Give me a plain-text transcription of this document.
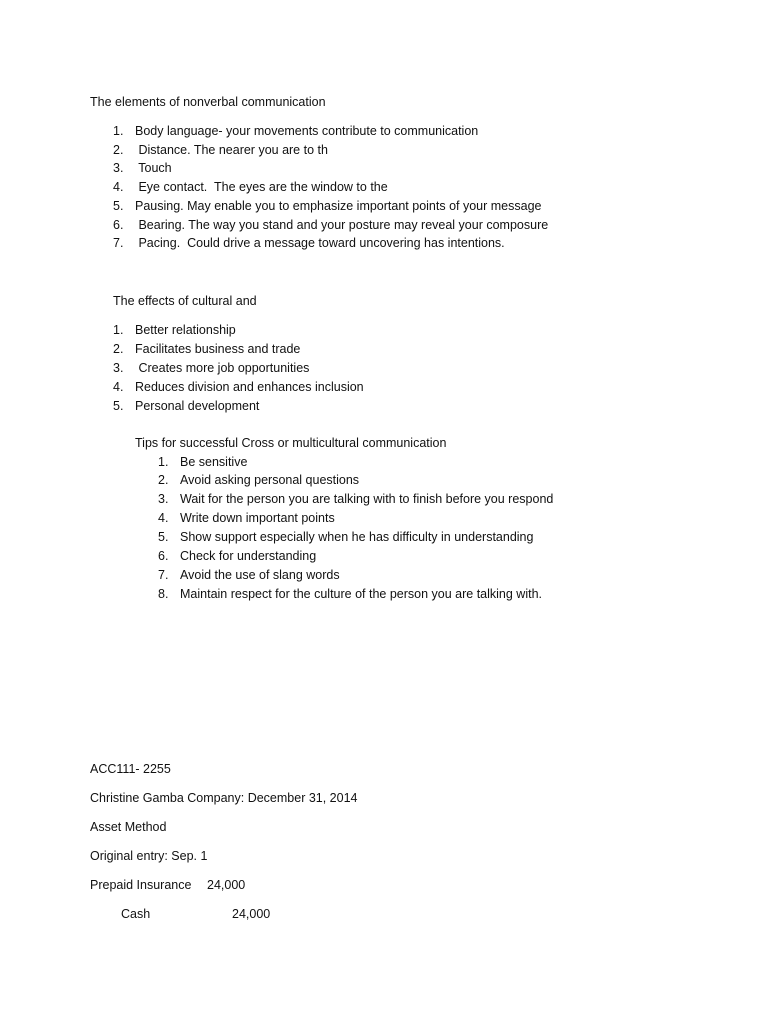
The elements of nonverbal communication
1. Body language- your movements contribute to communication
2. Distance. The nearer you are to th
3. Touch
4. Eye contact.  The eyes are the window to the
5. Pausing. May enable you to emphasize important points of your message
6. Bearing. The way you stand and your posture may reveal your composure
7. Pacing.  Could drive a message toward uncovering has intentions.
The effects of cultural and
1. Better relationship
2. Facilitates business and trade
3. Creates more job opportunities
4. Reduces division and enhances inclusion
5. Personal development
Tips for successful Cross or multicultural communication
1. Be sensitive
2. Avoid asking personal questions
3. Wait for the person you are talking with to finish before you respond
4. Write down important points
5. Show support especially when he has difficulty in understanding
6. Check for understanding
7. Avoid the use of slang words
8. Maintain respect for the culture of the person you are talking with.
ACC111- 2255
Christine Gamba Company: December 31, 2014
Asset Method
Original entry: Sep. 1
Prepaid Insurance 24,000
Cash	24,000
